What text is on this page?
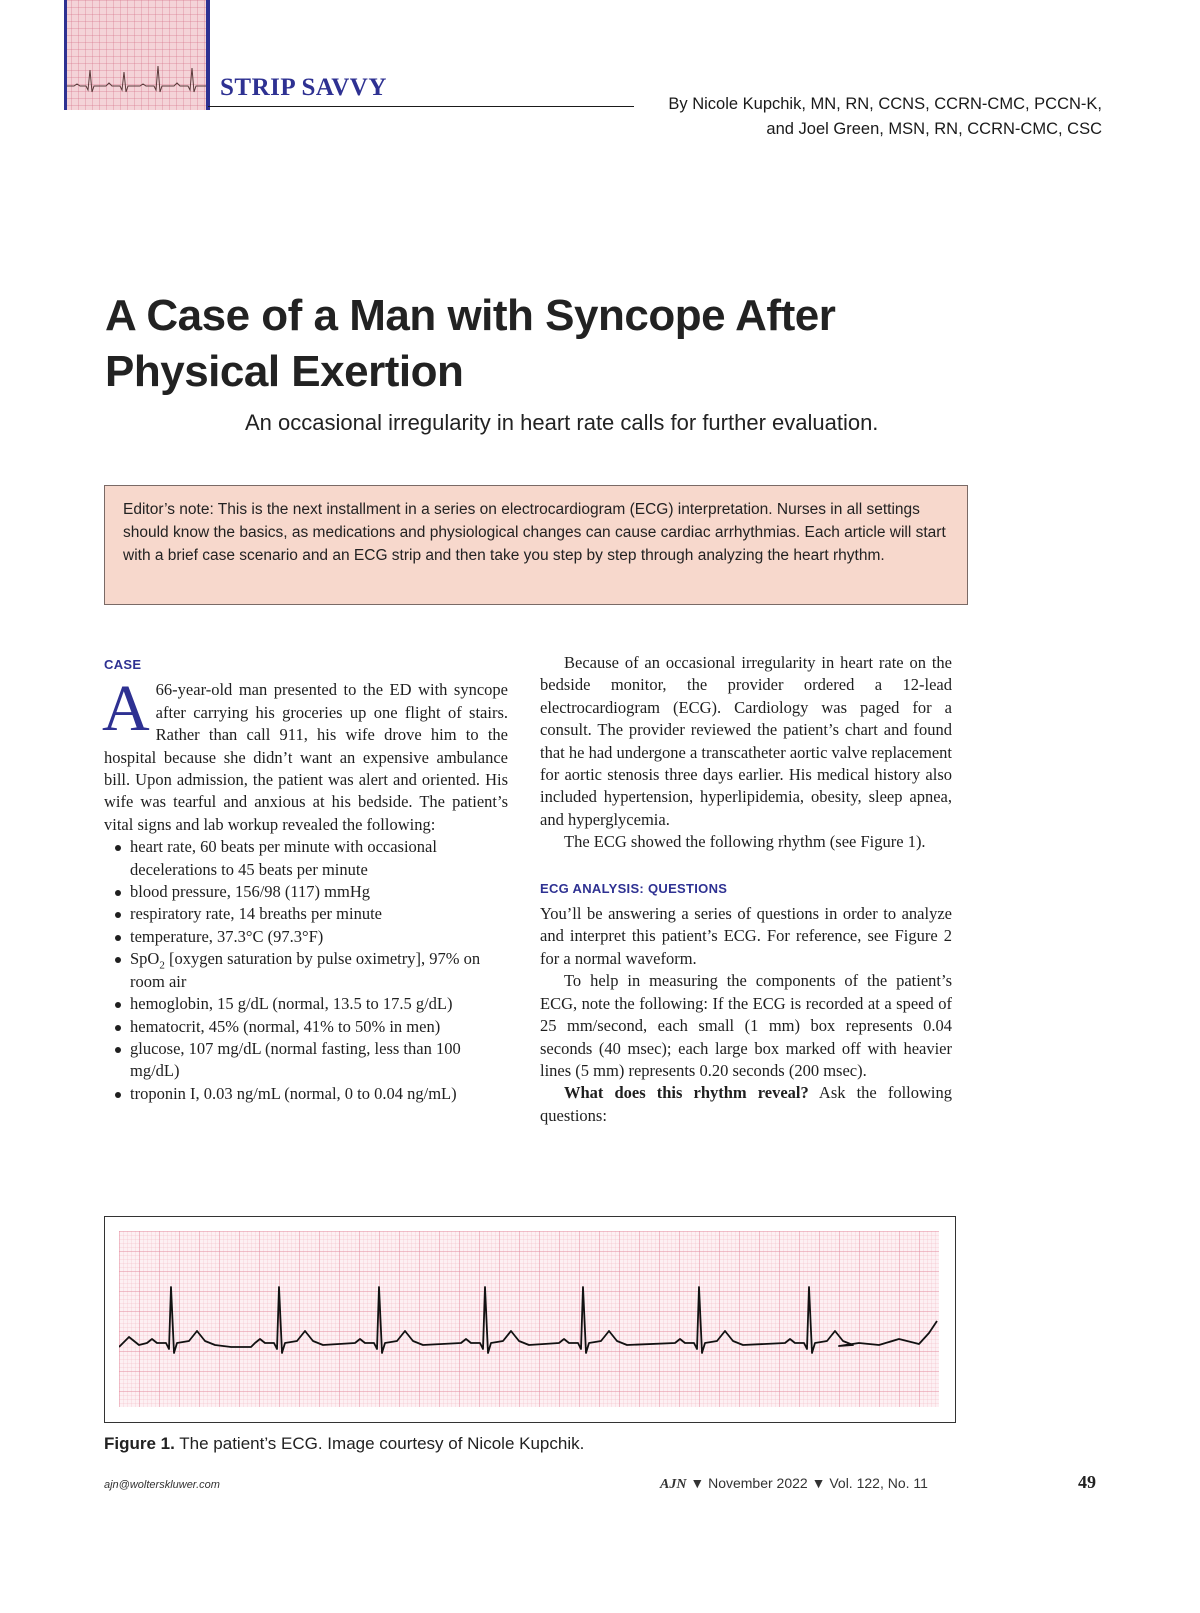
STRIP SAVVY
By Nicole Kupchik, MN, RN, CCNS, CCRN-CMC, PCCN-K,
and Joel Green, MSN, RN, CCRN-CMC, CSC
A Case of a Man with Syncope After Physical Exertion
An occasional irregularity in heart rate calls for further evaluation.
Editor’s note: This is the next installment in a series on electrocardiogram (ECG) interpretation. Nurses in all settings should know the basics, as medications and physiological changes can cause cardiac arrhythmias. Each article will start with a brief case scenario and an ECG strip and then take you step by step through analyzing the heart rhythm.
CASE

A 66-year-old man presented to the ED with syncope after carrying his groceries up one flight of stairs. Rather than call 911, his wife drove him to the hospital because she didn’t want an expensive ambulance bill. Upon admission, the patient was alert and oriented. His wife was tearful and anxious at his bedside. The patient’s vital signs and lab workup revealed the following:

heart rate, 60 beats per minute with occasional decelerations to 45 beats per minute
blood pressure, 156/98 (117) mmHg
respiratory rate, 14 breaths per minute
temperature, 37.3°C (97.3°F)
SpO$_2$ [oxygen saturation by pulse oximetry], 97% on room air
hemoglobin, 15 g/dL (normal, 13.5 to 17.5 g/dL)
hematocrit, 45% (normal, 41% to 50% in men)
glucose, 107 mg/dL (normal fasting, less than 100 mg/dL)
troponin I, 0.03 ng/mL (normal, 0 to 0.04 ng/mL)

Because of an occasional irregularity in heart rate on the bedside monitor, the provider ordered a 12-lead electrocardiogram (ECG). Cardiology was paged for a consult. The provider reviewed the patient’s chart and found that he had undergone a transcatheter aortic valve replacement for aortic stenosis three days earlier. His medical history also included hypertension, hyperlipidemia, obesity, sleep apnea, and hyperglycemia.

The ECG showed the following rhythm (see Figure 1).

ECG ANALYSIS: QUESTIONS

You’ll be answering a series of questions in order to analyze and interpret this patient’s ECG. For reference, see Figure 2 for a normal waveform.

To help in measuring the components of the patient’s ECG, note the following: If the ECG is recorded at a speed of 25 mm/second, each small (1 mm) box represents 0.04 seconds (40 msec); each large box marked off with heavier lines (5 mm) represents 0.20 seconds (200 msec).

What does this rhythm reveal? Ask the following questions:

Figure 1. The patient’s ECG. Image courtesy of Nicole Kupchik.
ajn@wolterskluwer.com	AJN ▼ November 2022 ▼ Vol. 122, No. 11	49
